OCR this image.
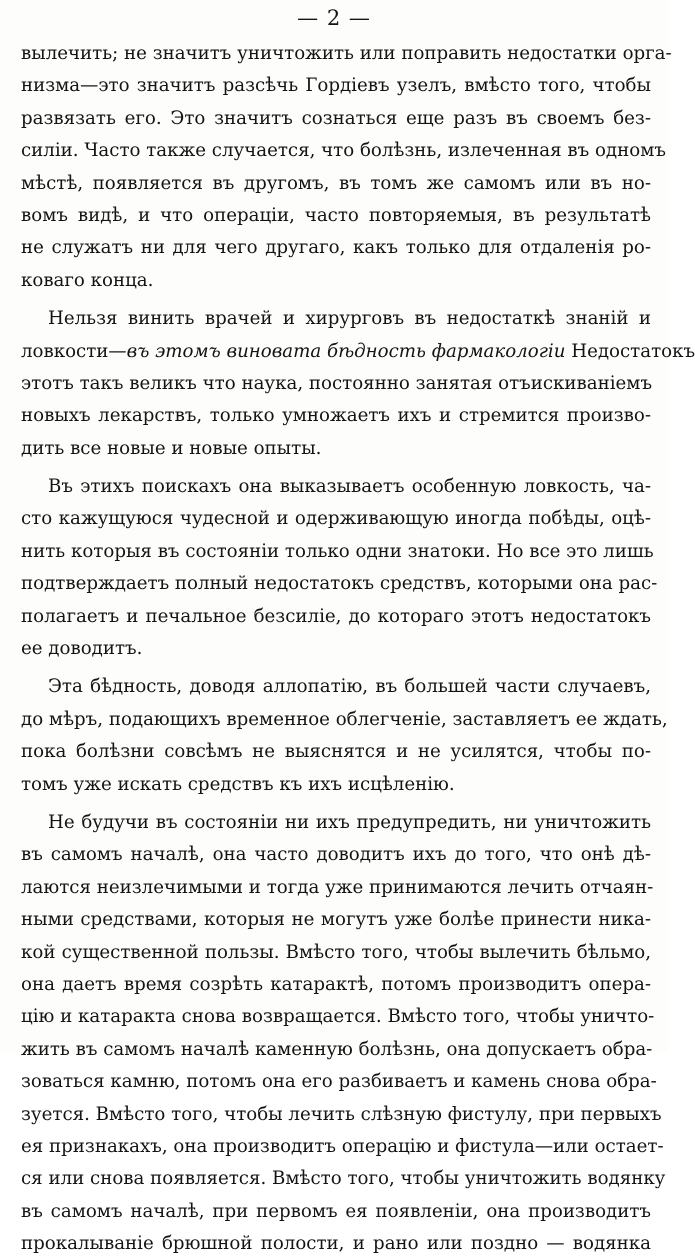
— 2 —
вылечить; не значитъ уничтожить или поправить недостатки орга-
низма—это значитъ разсѣчь Гордіевъ узелъ, вмѣсто того, чтобы
развязать его. Это значитъ сознаться еще разъ въ своемъ без-
силіи. Часто также случается, что болѣзнь, излеченная въ одномъ
мѣстѣ, появляется въ другомъ, въ томъ же самомъ или въ но-
вомъ видѣ, и что операціи, часто повторяемыя, въ результатѣ
не служатъ ни для чего другаго, какъ только для отдаленія ро-
коваго конца.
Нельзя винить врачей и хирурговъ въ недостаткѣ знаній и
ловкости—въ этомъ виновата бѣдность фармакологіи Недостатокъ
этотъ такъ великъ что наука, постоянно занятая отъискиваніемъ
новыхъ лекарствъ, только умножаетъ ихъ и стремится произво-
дить все новые и новые опыты.
Въ этихъ поискахъ она выказываетъ особенную ловкость, ча-
сто кажущуюся чудесной и одерживающую иногда побѣды, оцѣ-
нить которыя въ состояніи только одни знатоки. Но все это лишь
подтверждаетъ полный недостатокъ средствъ, которыми она рас-
полагаетъ и печальное безсиліе, до котораго этотъ недостатокъ
ее доводитъ.
Эта бѣдность, доводя аллопатію, въ большей части случаевъ,
до мѣръ, подающихъ временное облегченіе, заставляетъ ее ждать,
пока болѣзни совсѣмъ не выяснятся и не усилятся, чтобы по-
томъ уже искать средствъ къ ихъ исцѣленію.
Не будучи въ состояніи ни ихъ предупредить, ни уничтожить
въ самомъ началѣ, она часто доводитъ ихъ до того, что онѣ дѣ-
лаются неизлечимыми и тогда уже принимаются лечить отчаян-
ными средствами, которыя не могутъ уже болѣе принести ника-
кой существенной пользы. Вмѣсто того, чтобы вылечить бѣльмо,
она даетъ время созрѣть катарактѣ, потомъ производитъ опера-
цію и катаракта снова возвращается. Вмѣсто того, чтобы уничто-
жить въ самомъ началѣ каменную болѣзнь, она допускаетъ обра-
зоваться камню, потомъ она его разбиваетъ и камень снова обра-
зуется. Вмѣсто того, чтобы лечить слѣзную фистулу, при первыхъ
ея признакахъ, она производитъ операцію и фистула—или остает-
ся или снова появляется. Вмѣсто того, чтобы уничтожить водянку
въ самомъ началѣ, при первомъ ея появленіи, она производитъ
прокалываніе брюшной полости, и рано или поздно — водянка
